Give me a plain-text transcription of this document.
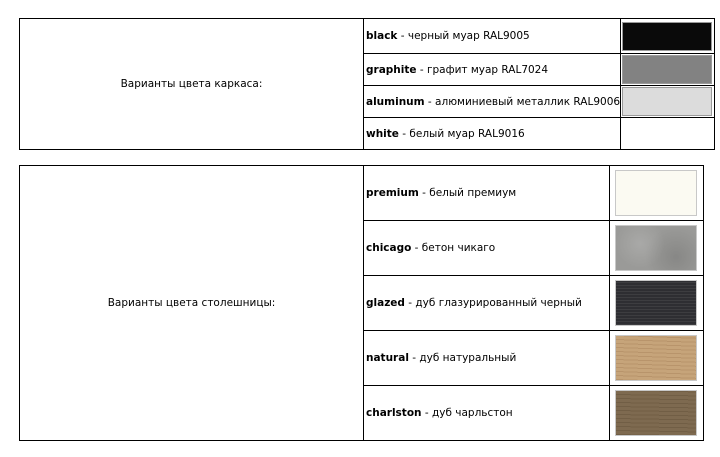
Варианты цвета каркаса:	black - черный муар RAL9005	

	graphite - графит муар RAL7024	

	aluminum - алюминиевый металлик RAL9006	

	white - белый муар RAL9016	
Варианты цвета столешницы:	premium - белый премиум	

	chicago - бетон чикаго	

	glazed - дуб глазурированный черный	

	natural - дуб натуральный	

	charlston - дуб чарльстон	
